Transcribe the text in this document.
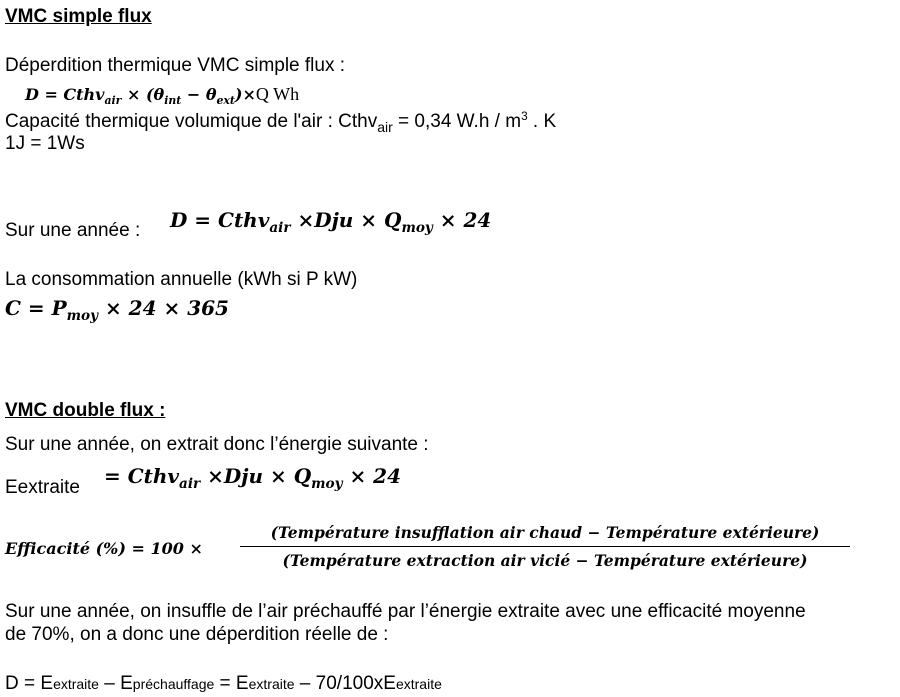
VMC simple flux
Déperdition thermique VMC simple flux :
D = Cthv$_{air}$ × $(\theta_{int} - \theta_{ext})\times Q$ Wh
Capacité thermique volumique de l'air : Cthv$_{air}$ = 0,34 $W.h / m^3$ . K
1J = 1Ws
Sur une année : D = Cthv$_{air}$ $\times Dju \times Q_{moy} \times 24$
La consommation annuelle (kWh si P kW)
$C = P_{moy} \times 24 \times 365$
VMC double flux :
Sur une année, on extrait donc l’énergie suivante :
Eextraite = Cthv$_{air}$ $\times Dju \times Q_{moy} \times 24$
Efficacité (%) = 100 ×
(Température insufflation air chaud − Température extérieure)
(Température extraction air vicié − Température extérieure)
Sur une année, on insuffle de l’air préchauffé par l’énergie extraite avec une efficacité moyenne
de 70%, on a donc une déperdition réelle de :
D = Eextraite – Epréchauffage = Eextraite – 70/100xEextraite
